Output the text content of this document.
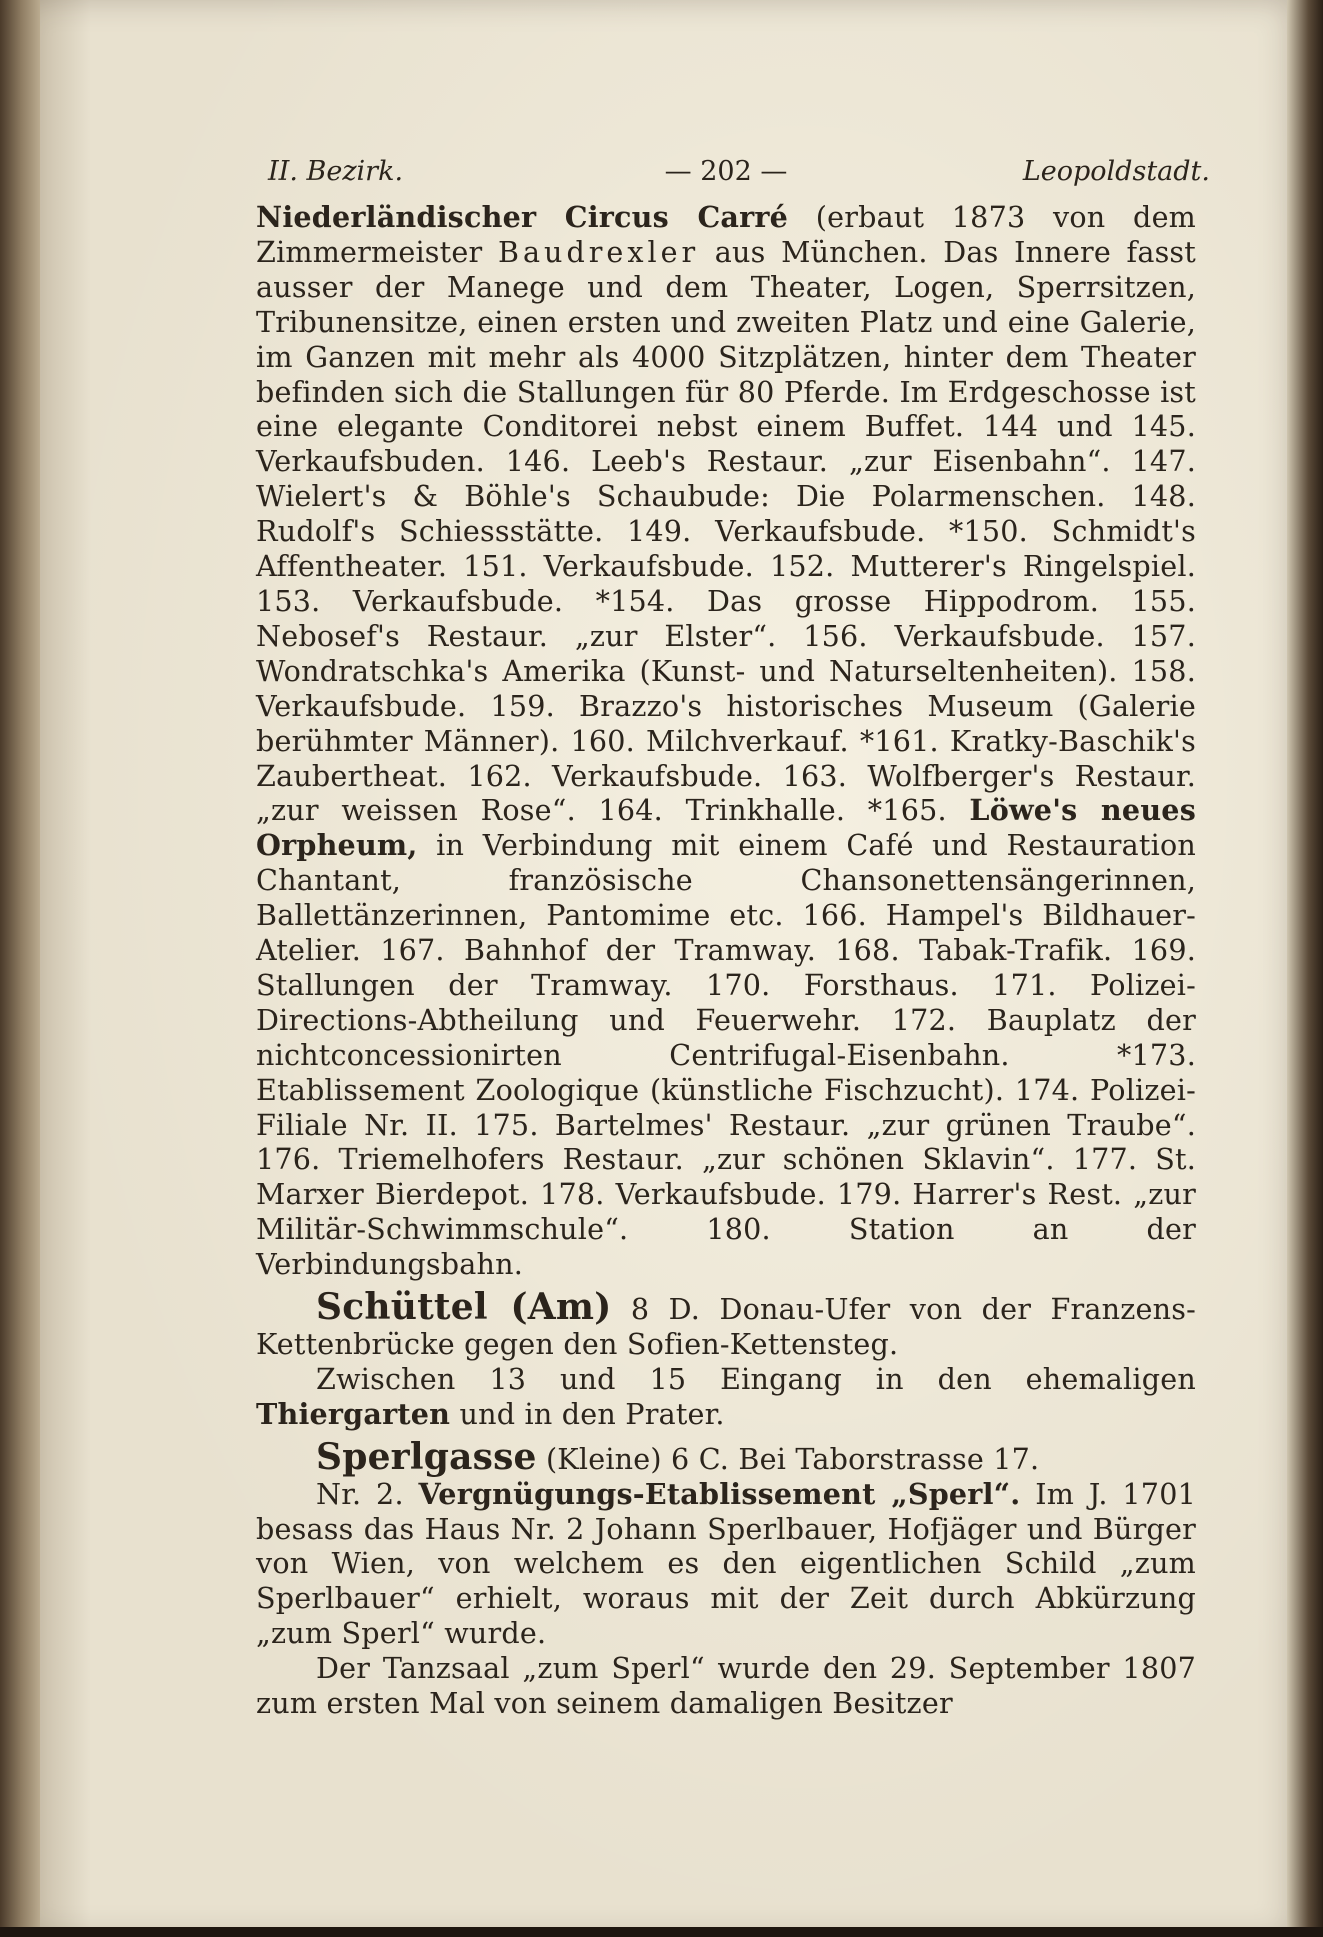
II. Bezirk.	— 202 —	Leopoldstadt.

Niederländischer Circus Carré (erbaut 1873 von dem Zimmermeister Baudrexler aus München. Das Innere fasst ausser der Manege und dem Theater, Logen, Sperrsitzen, Tribunensitze, einen ersten und zweiten Platz und eine Galerie, im Ganzen mit mehr als 4000 Sitzplätzen, hinter dem Theater befinden sich die Stallungen für 80 Pferde. Im Erdgeschosse ist eine elegante Conditorei nebst einem Buffet. 144 und 145. Verkaufsbuden. 146. Leeb's Restaur. „zur Eisenbahn“. 147. Wielert's & Böhle's Schaubude: Die Polarmenschen. 148. Rudolf's Schiessstätte. 149. Verkaufsbude. *150. Schmidt's Affentheater. 151. Verkaufsbude. 152. Mutterer's Ringelspiel. 153. Verkaufsbude. *154. Das grosse Hippodrom. 155. Nebosef's Restaur. „zur Elster“. 156. Verkaufsbude. 157. Wondratschka's Amerika (Kunst- und Naturseltenheiten). 158. Verkaufsbude. 159. Brazzo's historisches Museum (Galerie berühmter Männer). 160. Milchverkauf. *161. Kratky-Baschik's Zaubertheat. 162. Verkaufsbude. 163. Wolfberger's Restaur. „zur weissen Rose“. 164. Trinkhalle. *165. Löwe's neues Orpheum, in Verbindung mit einem Café und Restauration Chantant, französische Chansonettensängerinnen, Ballettänzerinnen, Pantomime etc. 166. Hampel's Bildhauer-Atelier. 167. Bahnhof der Tramway. 168. Tabak-Trafik. 169. Stallungen der Tramway. 170. Forsthaus. 171. Polizei-Directions-Abtheilung und Feuerwehr. 172. Bauplatz der nichtconcessionirten Centrifugal-Eisenbahn. *173. Etablissement Zoologique (künstliche Fischzucht). 174. Polizei-Filiale Nr. II. 175. Bartelmes' Restaur. „zur grünen Traube“. 176. Triemelhofers Restaur. „zur schönen Sklavin“. 177. St. Marxer Bierdepot. 178. Verkaufsbude. 179. Harrer's Rest. „zur Militär-Schwimmschule“. 180. Station an der Verbindungsbahn.

Schüttel (Am) 8 D. Donau-Ufer von der Franzens-Kettenbrücke gegen den Sofien-Kettensteg.

Zwischen 13 und 15 Eingang in den ehemaligen Thiergarten und in den Prater.

Sperlgasse (Kleine) 6 C. Bei Taborstrasse 17.

Nr. 2. Vergnügungs-Etablissement „Sperl“. Im J. 1701 besass das Haus Nr. 2 Johann Sperlbauer, Hofjäger und Bürger von Wien, von welchem es den eigentlichen Schild „zum Sperlbauer“ erhielt, woraus mit der Zeit durch Abkürzung „zum Sperl“ wurde.

Der Tanzsaal „zum Sperl“ wurde den 29. September 1807 zum ersten Mal von seinem damaligen Besitzer
